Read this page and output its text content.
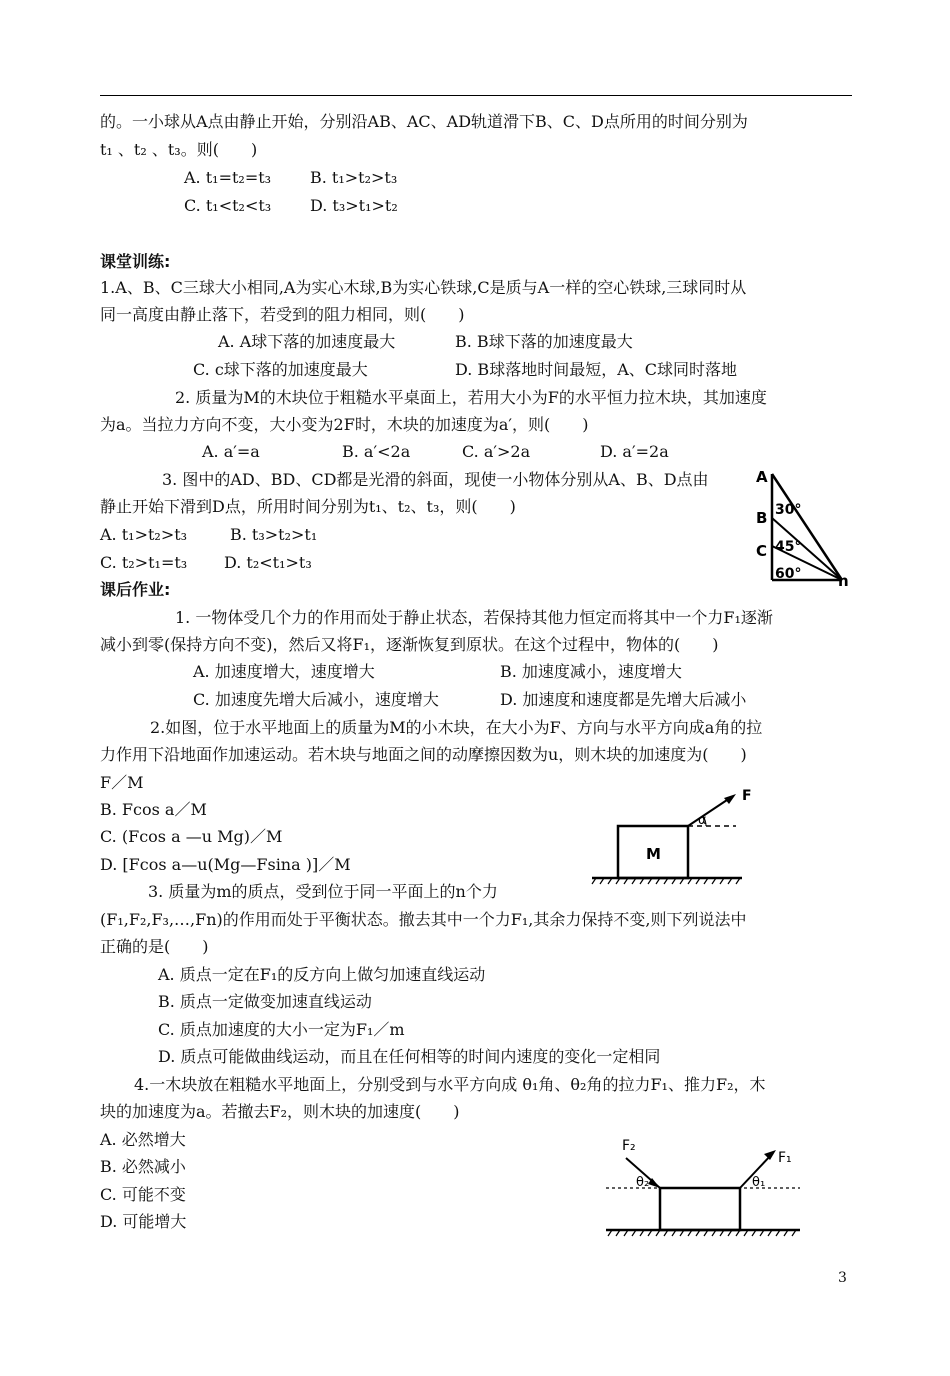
的。一小球从A点由静止开始，分别沿AB、AC、AD轨道滑下B、C、D点所用的时间分别为
t₁ 、t₂ 、t₃。则(　　)
A. t₁=t₂=t₃ B. t₁>t₂>t₃
C. t₁<t₂<t₃ D. t₃>t₁>t₂
课堂训练:
1.A、B、C三球大小相同,A为实心木球,B为实心铁球,C是质与A一样的空心铁球,三球同时从
同一高度由静止落下，若受到的阻力相同，则(　　)
A. A球下落的加速度最大	B. B球下落的加速度最大
C. c球下落的加速度最大	D. B球落地时间最短，A、C球同时落地
2. 质量为M的木块位于粗糙水平桌面上，若用大小为F的水平恒力拉木块，其加速度
为a。当拉力方向不变，大小变为2F时，木块的加速度为a′，则(　　)
A. a′=a	B. a′<2a	C. a′>2a	D. a′=2a
3. 图中的AD、BD、CD都是光滑的斜面，现使一小物体分别从A、B、D点由
静止开始下滑到D点，所用时间分别为t₁、t₂、t₃，则(　　)
A. t₁>t₂>t₃	B. t₃>t₂>t₁
C. t₂>t₁=t₃ D. t₂<t₁>t₃
A
B
C
n
30°
45°
60°
课后作业:
1. 一物体受几个力的作用而处于静止状态，若保持其他力恒定而将其中一个力F₁逐渐
减小到零(保持方向不变)，然后又将F₁，逐渐恢复到原状。在这个过程中，物体的(　　)
A. 加速度增大，速度增大	B. 加速度减小，速度增大
C. 加速度先增大后减小，速度增大	D. 加速度和速度都是先增大后减小
2.如图，位于水平地面上的质量为M的小木块，在大小为F、方向与水平方向成a角的拉
力作用下沿地面作加速运动。若木块与地面之间的动摩擦因数为u，则木块的加速度为(　　)
F／M
B. Fcos a／M
C. (Fcos a —u Mg)／M
D. [Fcos a—u(Mg—Fsina )]／M
F
M
α
3. 质量为m的质点，受到位于同一平面上的n个力
(F₁,F₂,F₃,…,Fn)的作用而处于平衡状态。撤去其中一个力F₁,其余力保持不变,则下列说法中
正确的是(　　)
A. 质点一定在F₁的反方向上做匀加速直线运动
B. 质点一定做变加速直线运动
C. 质点加速度的大小一定为F₁／m
D. 质点可能做曲线运动，而且在任何相等的时间内速度的变化一定相同
4.一木块放在粗糙水平地面上，分别受到与水平方向成 θ₁角、θ₂角的拉力F₁、推力F₂，木
块的加速度为a。若撤去F₂，则木块的加速度(　　)
A. 必然增大
B. 必然减小
C. 可能不变
D. 可能增大
F₂
F₁
θ₂	θ₁
3
